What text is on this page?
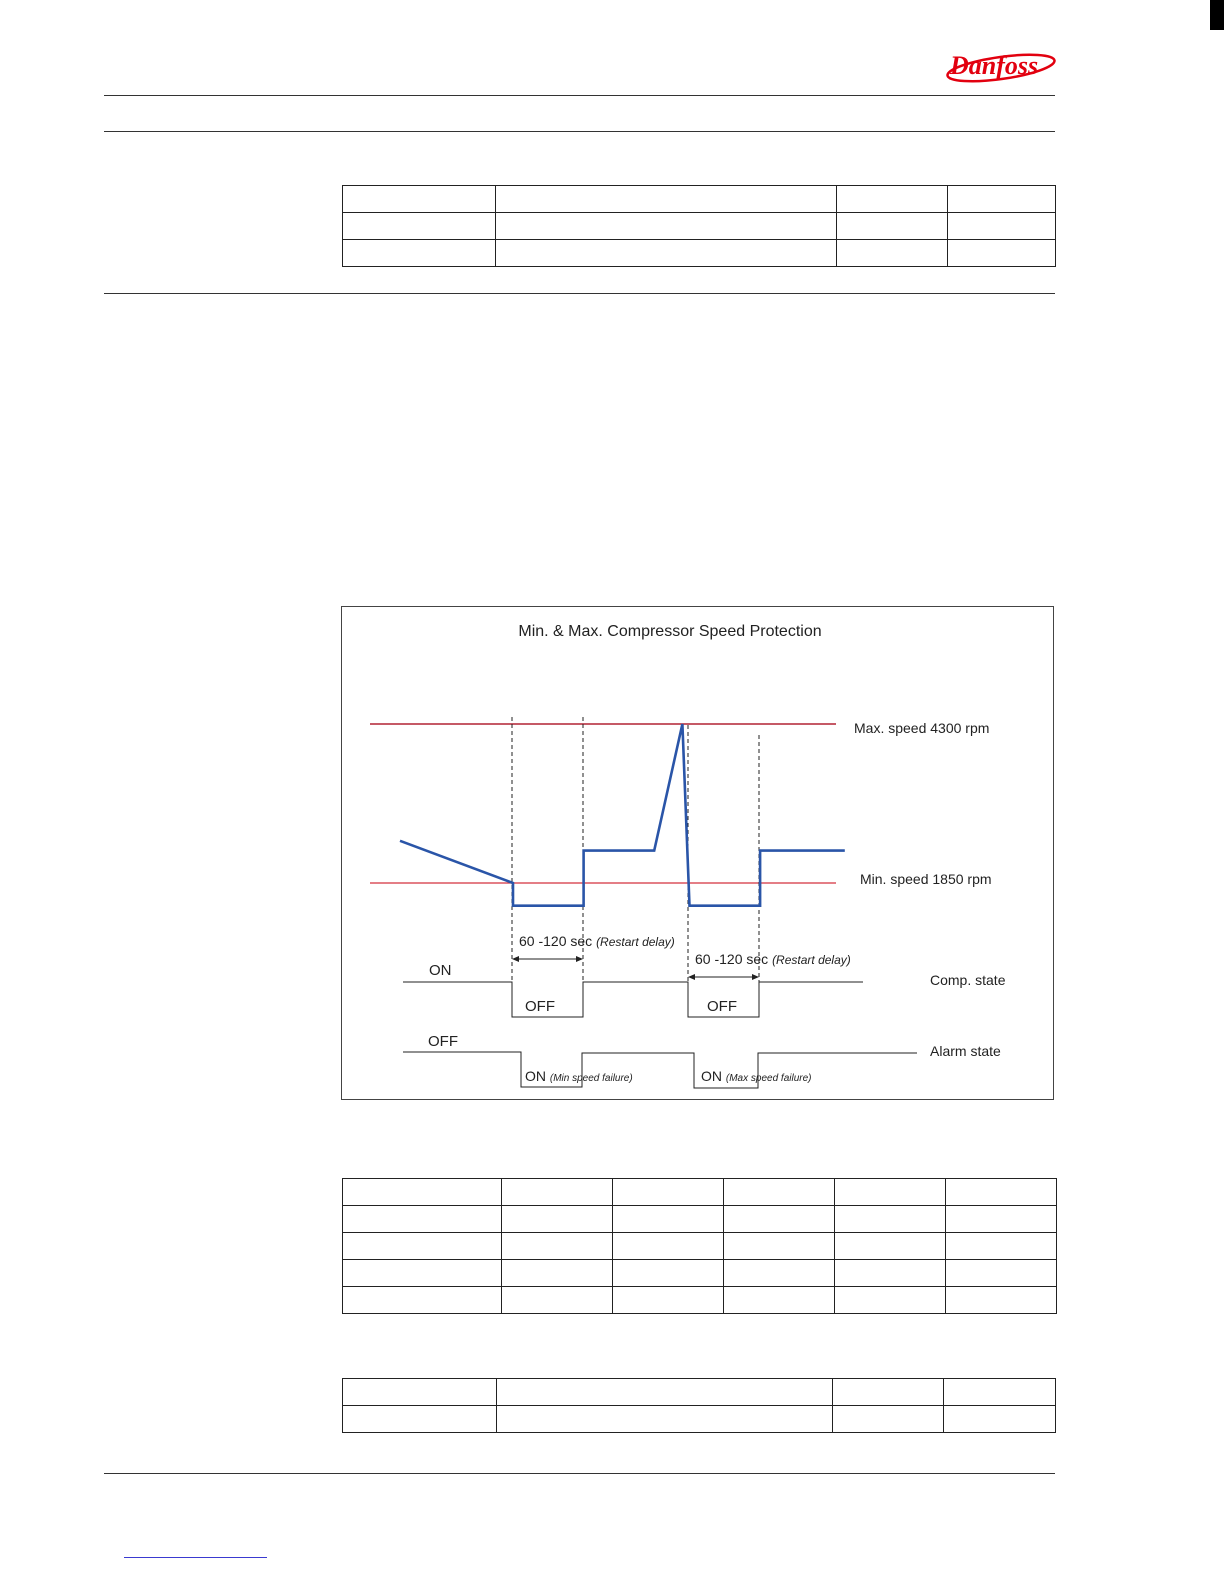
Danfoss

Min. & Max. Compressor Speed Protection
Max. speed 4300 rpm
Min. speed 1850 rpm
60 -120 sec (Restart delay)
60 -120 sec (Restart delay)
ON
OFF	OFF
Comp. state
OFF
ON (Min speed failure)	ON (Max speed failure)
Alarm state
